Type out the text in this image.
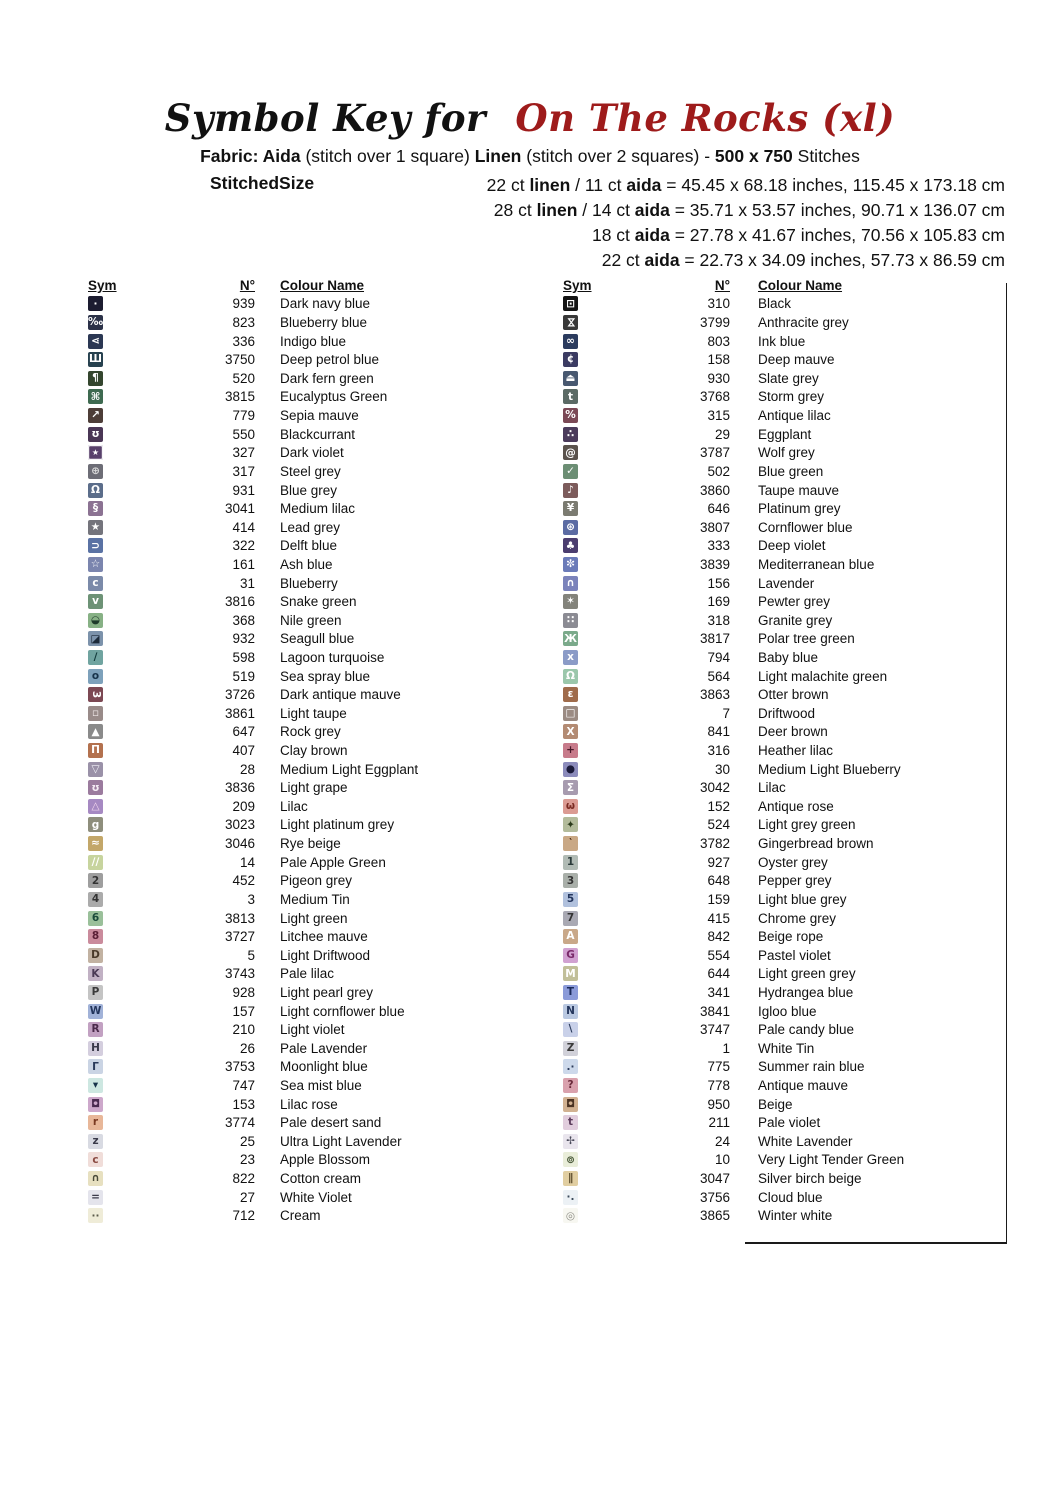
Symbol Key for On The Rocks (xl)
Fabric: Aida (stitch over 1 square) Linen (stitch over 2 squares) - 500 x 750 Stitches
StitchedSize	22 ct linen / 11 ct aida = 45.45 x 68.18 inches, 115.45 x 173.18 cm
28 ct linen / 14 ct aida = 35.71 x 53.57 inches, 90.71 x 136.07 cm
18 ct aida = 27.78 x 41.67 inches, 70.56 x 105.83 cm
22 ct aida = 22.73 x 34.09 inches, 57.73 x 86.59 cm
Sym	N°	Colour Name
·	939	Dark navy blue
‰	823	Blueberry blue
⋖	336	Indigo blue
Ш	3750	Deep petrol blue
¶	520	Dark fern green
⌘	3815	Eucalyptus Green
↗	779	Sepia mauve
ʊ	550	Blackcurrant
★	327	Dark violet
⊕	317	Steel grey
Ω	931	Blue grey
§	3041	Medium lilac
★	414	Lead grey
⊃	322	Delft blue
☆	161	Ash blue
c	31	Blueberry
v	3816	Snake green
◒	368	Nile green
◪	932	Seagull blue
∕	598	Lagoon turquoise
o	519	Sea spray blue
3	3726	Dark antique mauve
▫	3861	Light taupe
▲	647	Rock grey
Π	407	Clay brown
▽	28	Medium Light Eggplant
ʊ	3836	Light grape
△	209	Lilac
g	3023	Light platinum grey
≈	3046	Rye beige
∕∕	14	Pale Apple Green
2	452	Pigeon grey
4	3	Medium Tin
6	3813	Light green
8	3727	Litchee mauve
D	5	Light Driftwood
K	3743	Pale lilac
P	928	Light pearl grey
W	157	Light cornflower blue
R	210	Light violet
H	26	Pale Lavender
Γ	3753	Moonlight blue
▾	747	Sea mist blue
◘	153	Lilac rose
r	3774	Pale desert sand
z	25	Ultra Light Lavender
c	23	Apple Blossom
∩	822	Cotton cream
=	27	White Violet
··	712	Cream
Sym	N°	Colour Name
⊡	310	Black
⋈	3799	Anthracite grey
∞	803	Ink blue
¢	158	Deep mauve
⏏	930	Slate grey
t	3768	Storm grey
%	315	Antique lilac
∴	29	Eggplant
@	3787	Wolf grey
✓	502	Blue green
♪	3860	Taupe mauve
¥	646	Platinum grey
⊛	3807	Cornflower blue
♣	333	Deep violet
✼	3839	Mediterranean blue
∩	156	Lavender
✶	169	Pewter grey
∷	318	Granite grey
Ж	3817	Polar tree green
x	794	Baby blue
Ω	564	Light malachite green
ε	3863	Otter brown
□	7	Driftwood
X	841	Deer brown
+	316	Heather lilac
●	30	Medium Light Blueberry
Σ	3042	Lilac
ω	152	Antique rose
✦	524	Light grey green
‵	3782	Gingerbread brown
1	927	Oyster grey
3	648	Pepper grey
5	159	Light blue grey
7	415	Chrome grey
A	842	Beige rope
G	554	Pastel violet
M	644	Light green grey
T	341	Hydrangea blue
N	3841	Igloo blue
∖	3747	Pale candy blue
Z	1	White Tin
.·	775	Summer rain blue
?	778	Antique mauve
◘	950	Beige
t	211	Pale violet
✢	24	White Lavender
⊚	10	Very Light Tender Green
∥	3047	Silver birch beige
·.	3756	Cloud blue
◎	3865	Winter white
